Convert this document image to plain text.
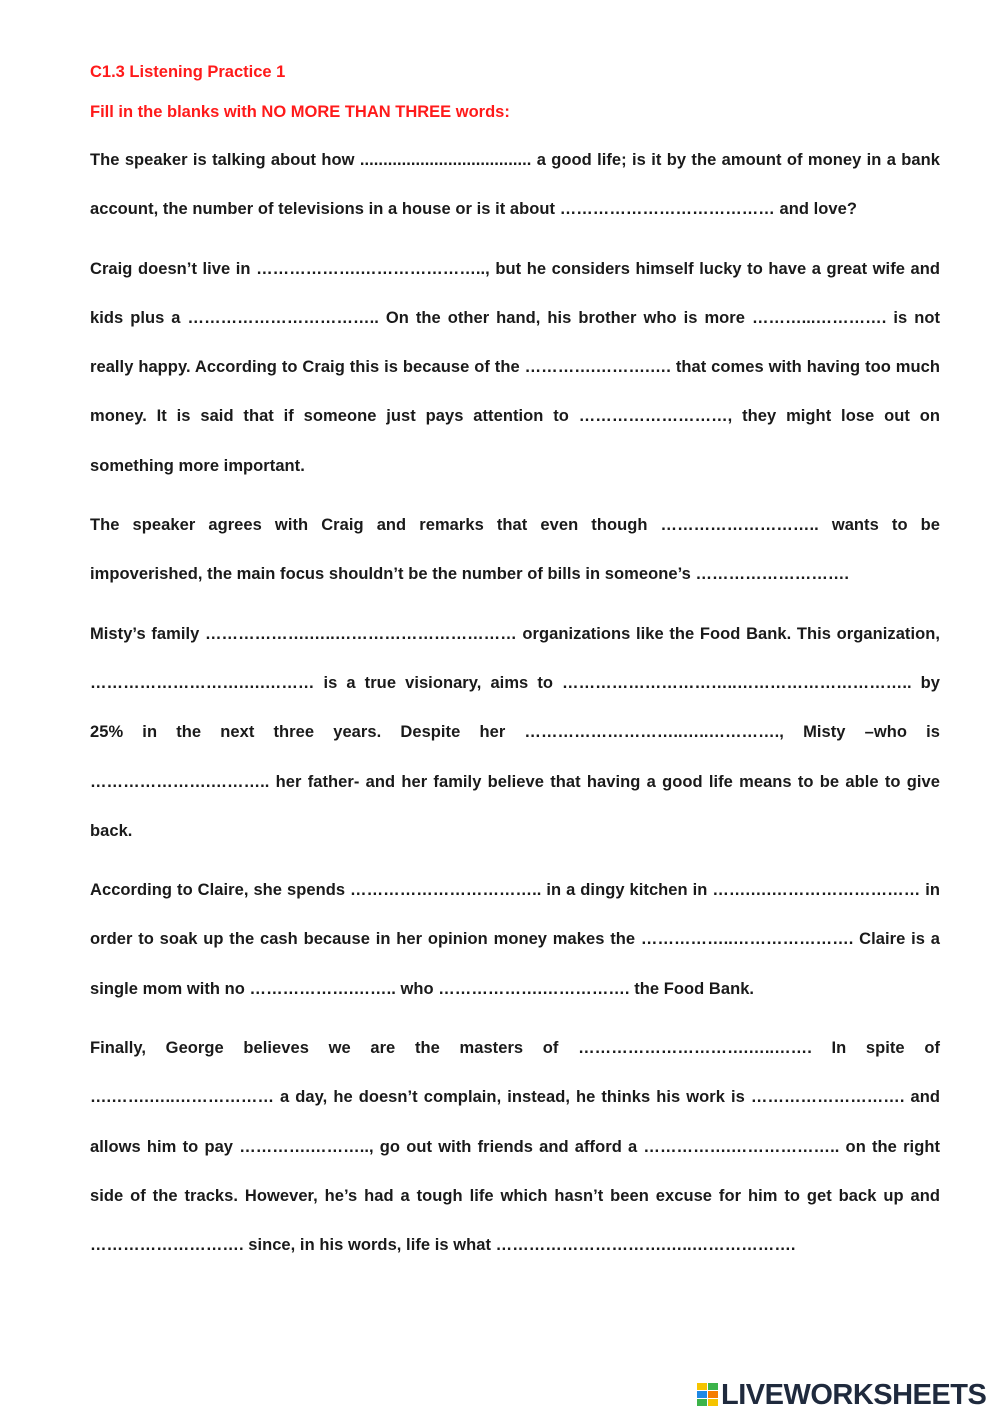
C1.3 Listening Practice 1

Fill in the blanks with NO MORE THAN THREE words:

The speaker is talking about how ..................................... a good life; is it by the amount of money in a bank account, the number of televisions in a house or is it about ………………………………… and love?

Craig doesn’t live in ……………….………………….., but he considers himself lucky to have a great wife and kids plus a …………………………….. On the other hand, his brother who is more ………...…………. is not really happy. According to Craig this is because of the ………….……….…. that comes with having too much money. It is said that if someone just pays attention to ………………………, they might lose out on something more important.

The speaker agrees with Craig and remarks that even though ……………………….. wants to be impoverished, the main focus shouldn’t be the number of bills in someone’s ……………………….

Misty’s family ……………….…..…………………………… organizations like the Food Bank. This organization, ……………………….….……… is a true visionary, aims to …………………………..………………………….. by 25% in the next three years. Despite her ………………………..…..…………., Misty –who is ………………….……….. her father- and her family believe that having a good life means to be able to give back.

According to Claire, she spends …………………………….. in a dingy kitchen in …….….……………………… in order to soak up the cash because in her opinion money makes the ……………..…………………. Claire is a single mom with no ……………….…….. who ……………….……………. the Food Bank.

Finally, George believes we are the masters of ………………………….…..……. In spite of ….…….…..……………… a day, he doesn’t complain, instead, he thinks his work is ………………………. and allows him to pay ………….……….., go out with friends and afford a …………….……………….. on the right side of the tracks. However, he’s had a tough life which hasn’t been excuse for him to get back up and ………………………. since, in his words, life is what ………………………….…..……………….

LIVEWORKSHEETS
